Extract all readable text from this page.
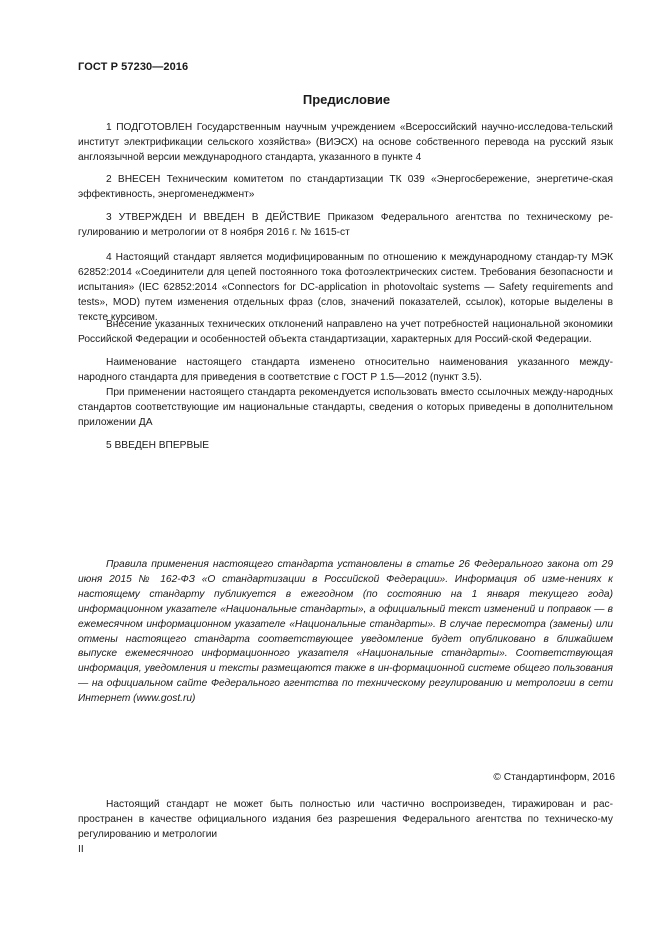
ГОСТ Р 57230—2016
Предисловие

1 ПОДГОТОВЛЕН Государственным научным учреждением «Всероссийский научно-исследова-тельский институт электрификации сельского хозяйства» (ВИЭСХ) на основе собственного перевода на русский язык англоязычной версии международного стандарта, указанного в пункте 4

2 ВНЕСЕН Техническим комитетом по стандартизации ТК 039 «Энергосбережение, энергетиче-ская эффективность, энергоменеджмент»

3 УТВЕРЖДЕН И ВВЕДЕН В ДЕЙСТВИЕ Приказом Федерального агентства по техническому ре-гулированию и метрологии от 8 ноября 2016 г. № 1615-ст

4 Настоящий стандарт является модифицированным по отношению к международному стандар-ту МЭК 62852:2014 «Соединители для цепей постоянного тока фотоэлектрических систем. Требования безопасности и испытания» (IEC 62852:2014 «Connectors for DC-application in photovoltaic systems — Safety requirements and tests», MOD) путем изменения отдельных фраз (слов, значений показателей, ссылок), которые выделены в тексте курсивом.

Внесение указанных технических отклонений направлено на учет потребностей национальной экономики Российской Федерации и особенностей объекта стандартизации, характерных для Россий-ской Федерации.

Наименование настоящего стандарта изменено относительно наименования указанного между-народного стандарта для приведения в соответствие с ГОСТ Р 1.5—2012 (пункт 3.5).

При применении настоящего стандарта рекомендуется использовать вместо ссылочных между-народных стандартов соответствующие им национальные стандарты, сведения о которых приведены в дополнительном приложении ДА

5 ВВЕДЕН ВПЕРВЫЕ

Правила применения настоящего стандарта установлены в статье 26 Федерального закона от 29 июня 2015 № 162-ФЗ «О стандартизации в Российской Федерации». Информация об изме-нениях к настоящему стандарту публикуется в ежегодном (по состоянию на 1 января текущего года) информационном указателе «Национальные стандарты», а официальный текст изменений и поправок — в ежемесячном информационном указателе «Национальные стандарты». В случае пересмотра (замены) или отмены настоящего стандарта соответствующее уведомление будет опубликовано в ближайшем выпуске ежемесячного информационного указателя «Национальные стандарты». Соответствующая информация, уведомления и тексты размещаются также в ин-формационной системе общего пользования — на официальном сайте Федерального агентства по техническому регулированию и метрологии в сети Интернет (www.gost.ru)

© Стандартинформ, 2016

Настоящий стандарт не может быть полностью или частично воспроизведен, тиражирован и рас-пространен в качестве официального издания без разрешения Федерального агентства по техническо-му регулированию и метрологии

II
